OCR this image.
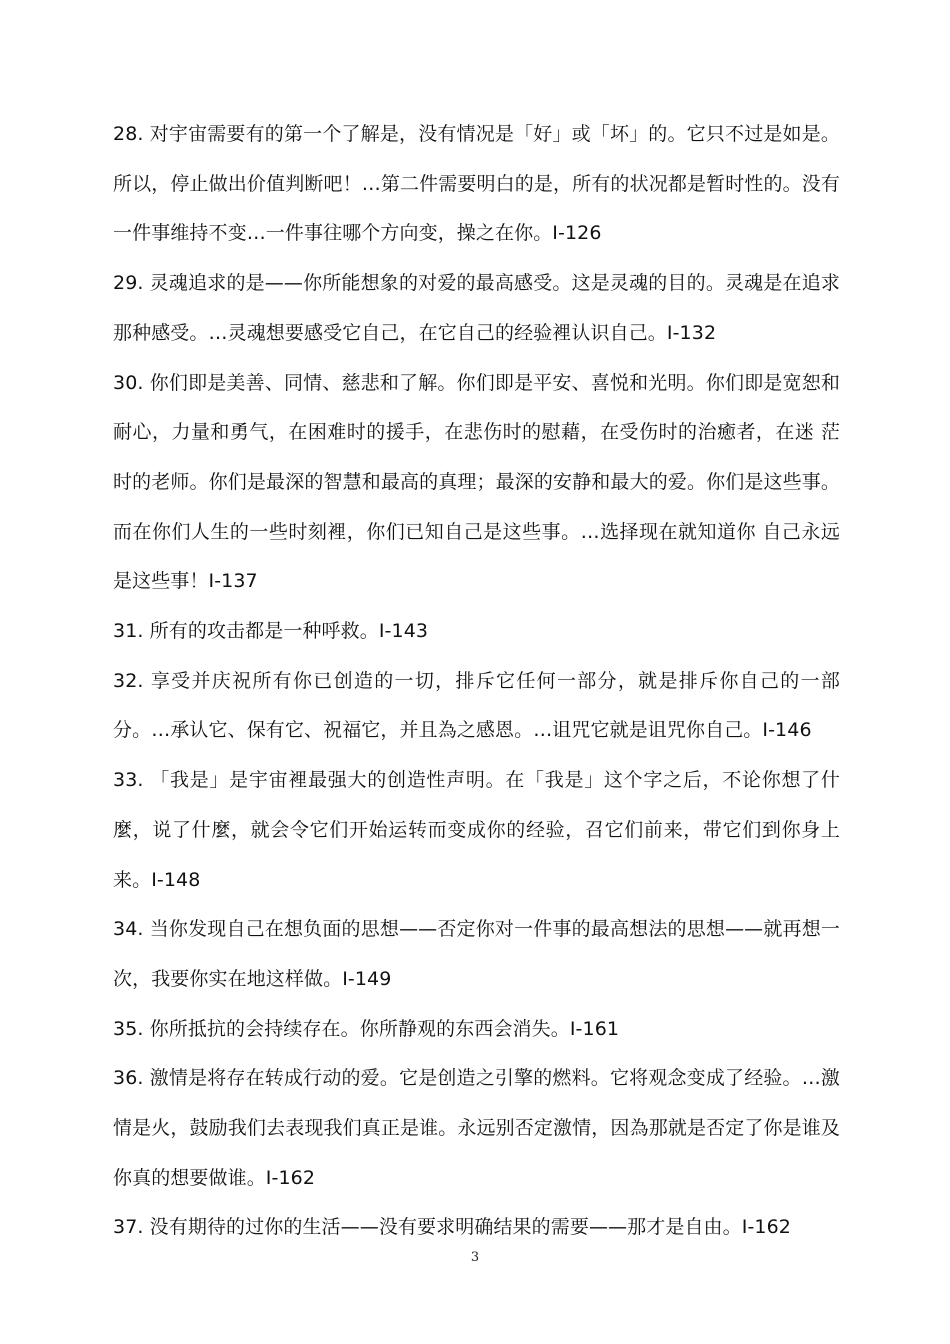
28. 对宇宙需要有的第一个了解是，没有情况是「好」或「坏」的。它只不过是如是。所以，停止做出价值判断吧！…第二件需要明白的是，所有的状况都是暂时性的。没有一件事维持不变…一件事往哪个方向变，操之在你。I-126

29. 灵魂追求的是——你所能想象的对爱的最高感受。这是灵魂的目的。灵魂是在追求那种感受。…灵魂想要感受它自己，在它自己的经验裡认识自己。I-132

30. 你们即是美善、同情、慈悲和了解。你们即是平安、喜悦和光明。你们即是宽恕和耐心，力量和勇气，在困难时的援手，在悲伤时的慰藉，在受伤时的治癒者，在迷 茫时的老师。你们是最深的智慧和最高的真理；最深的安静和最大的爱。你们是这些事。而在你们人生的一些时刻裡，你们已知自己是这些事。…选择现在就知道你 自己永远是这些事！I-137

31. 所有的攻击都是一种呼救。I-143

32. 享受并庆祝所有你已创造的一切，排斥它任何一部分，就是排斥你自己的一部分。…承认它、保有它、祝福它，并且為之感恩。…诅咒它就是诅咒你自己。I-146

33. 「我是」是宇宙裡最强大的创造性声明。在「我是」这个字之后，不论你想了什麼，说了什麼，就会令它们开始运转而变成你的经验，召它们前来，带它们到你身上来。I-148

34. 当你发现自己在想负面的思想——否定你对一件事的最高想法的思想——就再想一次，我要你实在地这样做。I-149

35. 你所抵抗的会持续存在。你所静观的东西会消失。I-161

36. 激情是将存在转成行动的爱。它是创造之引擎的燃料。它将观念变成了经验。…激情是火，鼓励我们去表现我们真正是谁。永远别否定激情，因為那就是否定了你是谁及你真的想要做谁。I-162

37. 没有期待的过你的生活——没有要求明确结果的需要——那才是自由。I-162

3
